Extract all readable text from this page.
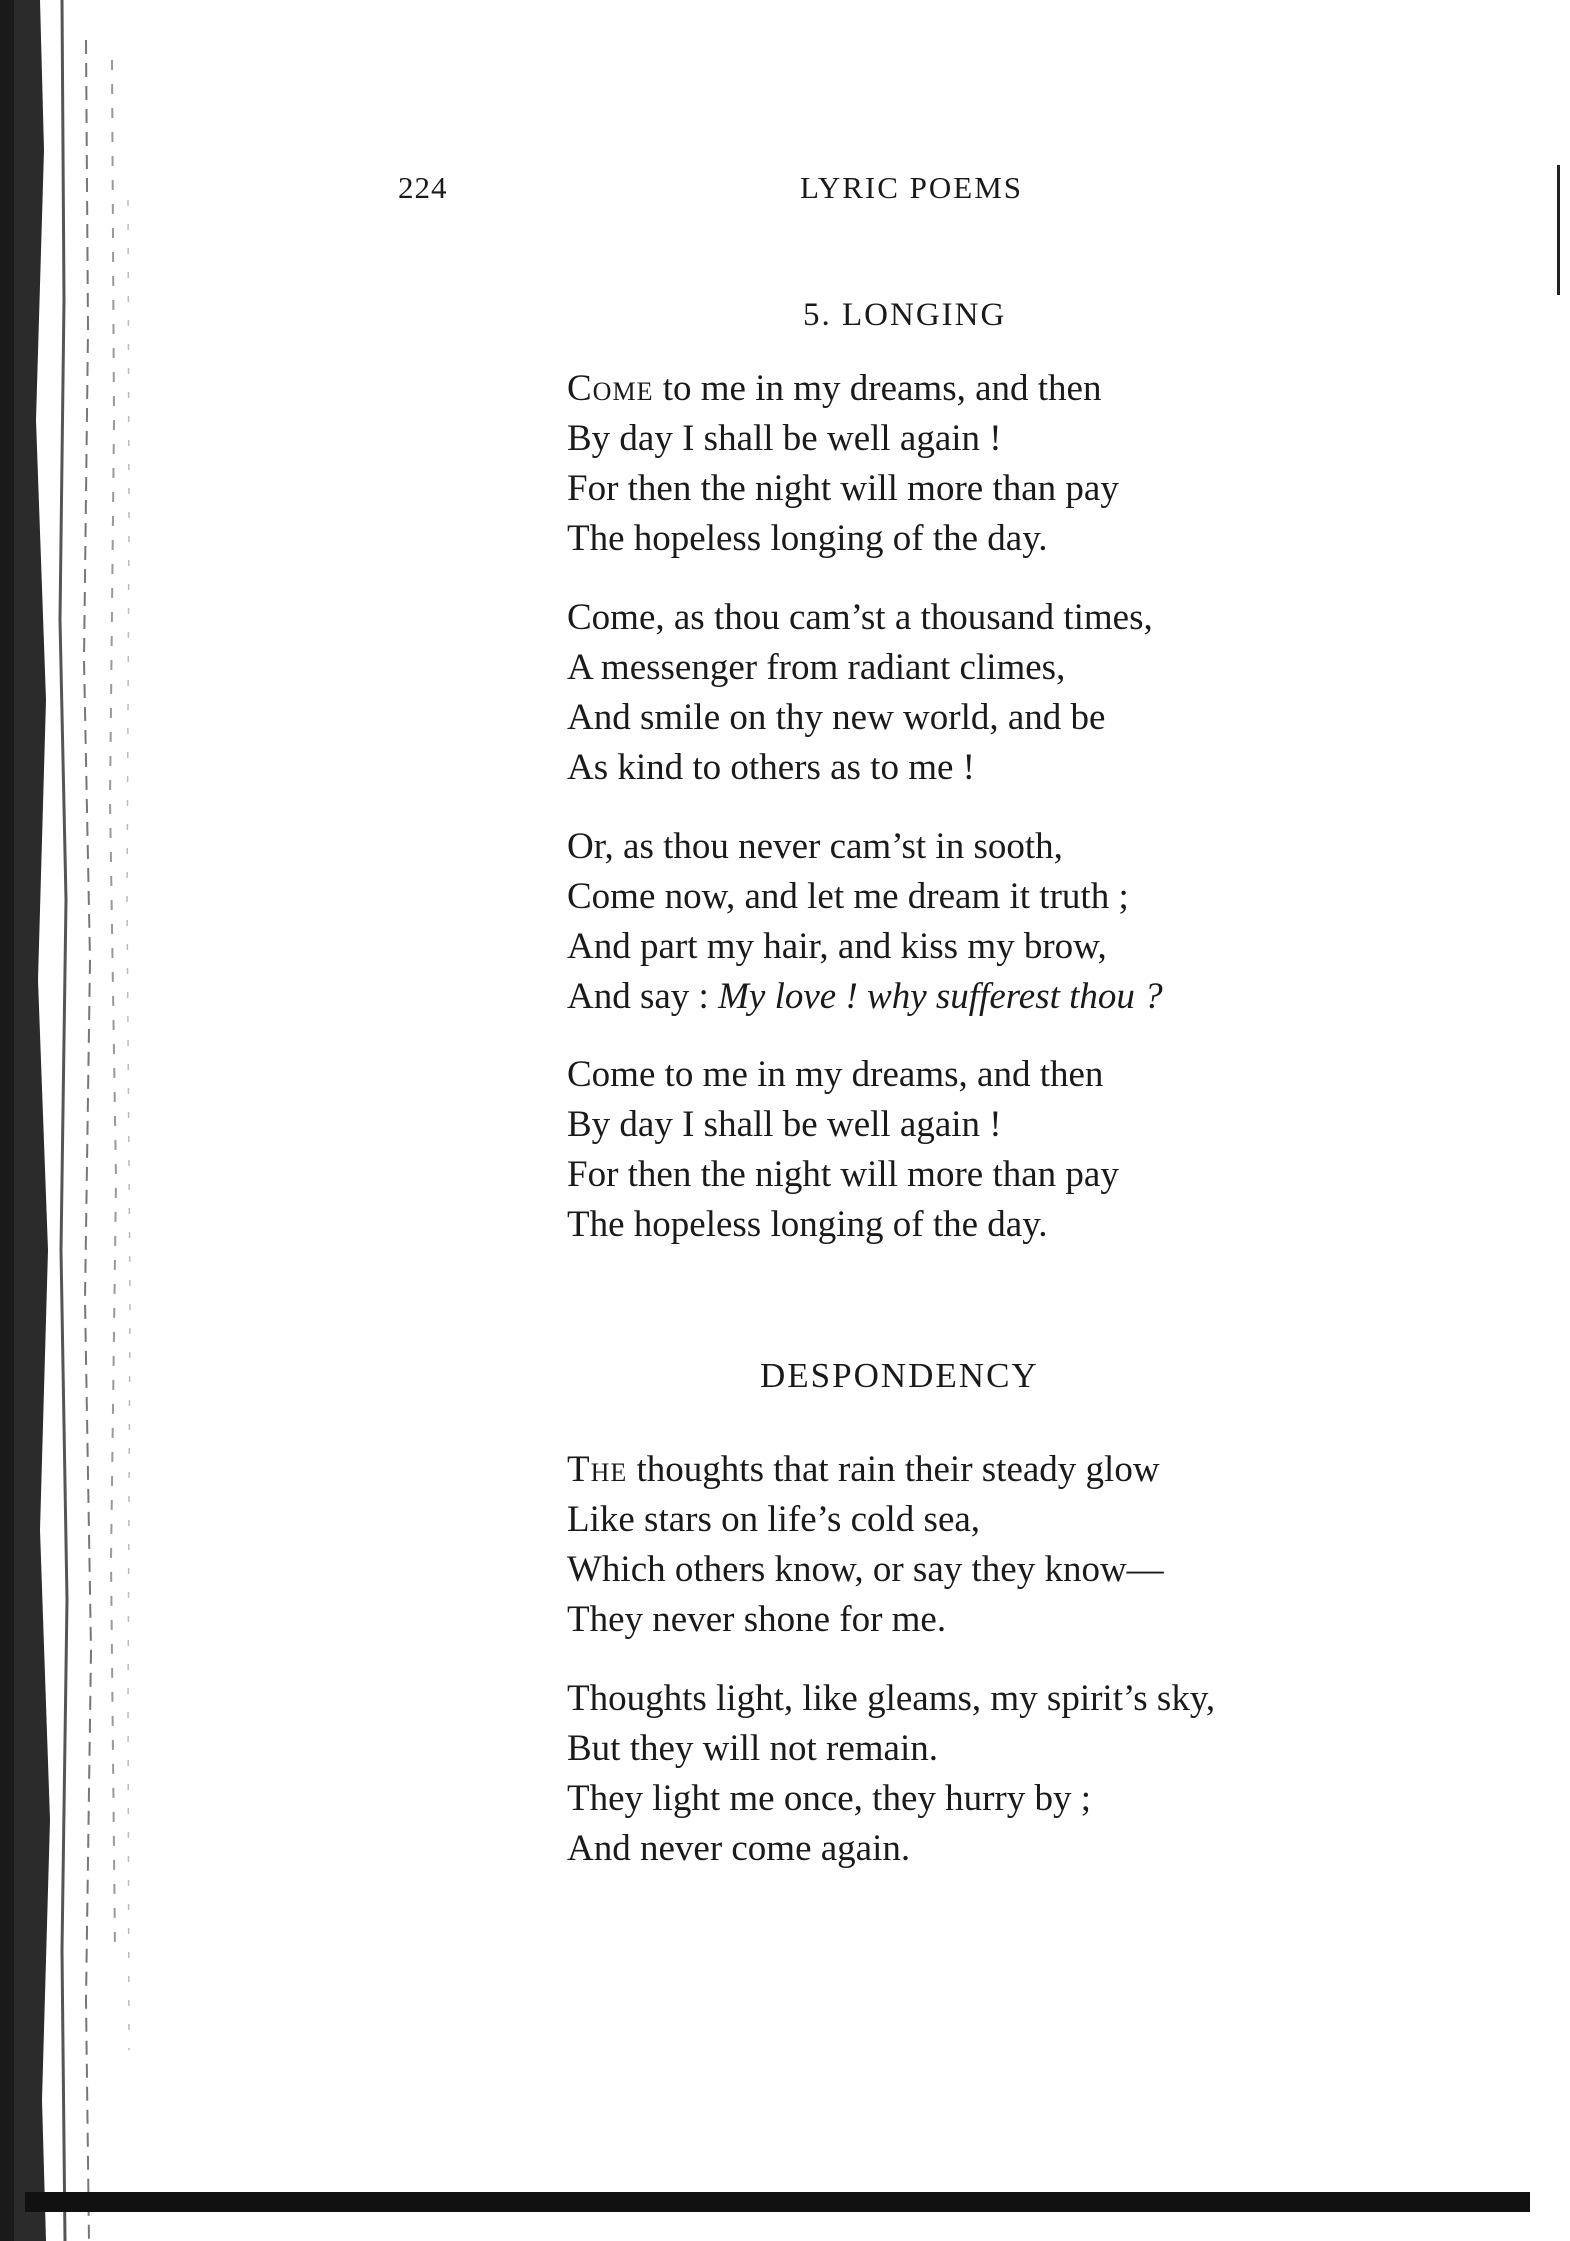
224	LYRIC POEMS
5. LONGING
Come to me in my dreams, and then
By day I shall be well again !
For then the night will more than pay
The hopeless longing of the day.
Come, as thou cam’st a thousand times,
A messenger from radiant climes,
And smile on thy new world, and be
As kind to others as to me !
Or, as thou never cam’st in sooth,
Come now, and let me dream it truth ;
And part my hair, and kiss my brow,
And say : My love ! why sufferest thou ?
Come to me in my dreams, and then
By day I shall be well again !
For then the night will more than pay
The hopeless longing of the day.
DESPONDENCY
The thoughts that rain their steady glow
Like stars on life’s cold sea,
Which others know, or say they know—
They never shone for me.
Thoughts light, like gleams, my spirit’s sky,
But they will not remain.
They light me once, they hurry by ;
And never come again.
